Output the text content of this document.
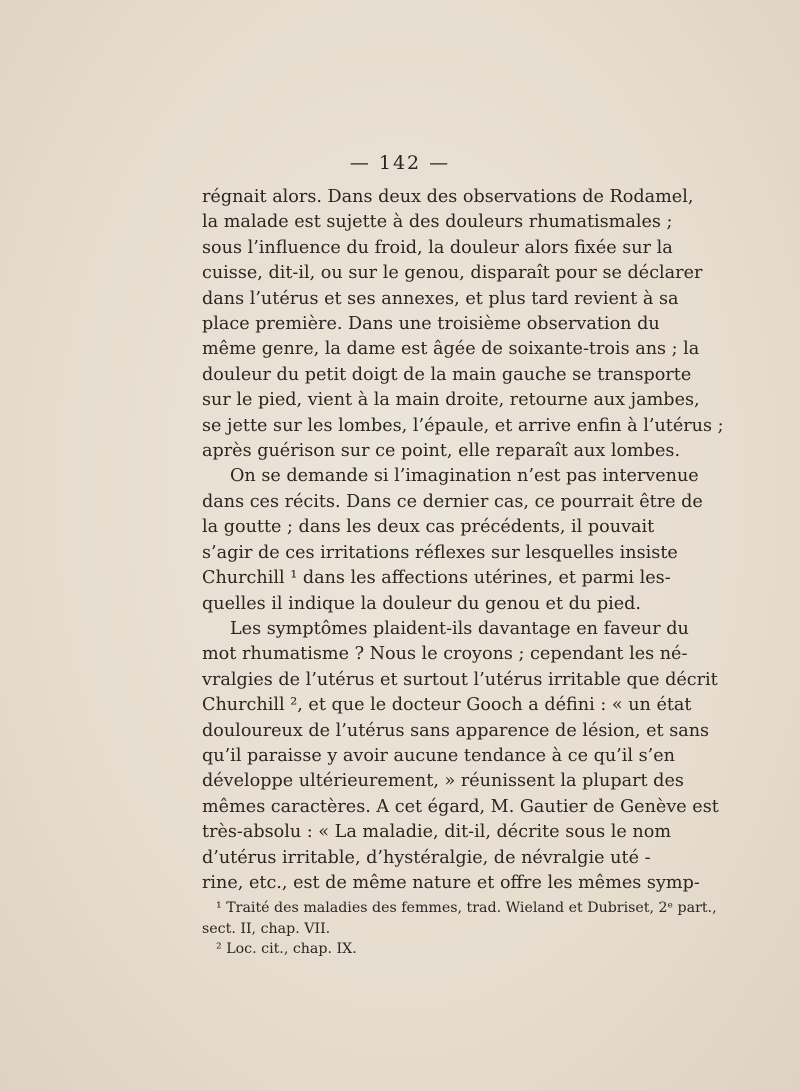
— 142 —
régnait alors. Dans deux des observations de Rodamel,
la malade est sujette à des douleurs rhumatismales ;
sous l’influence du froid, la douleur alors fixée sur la
cuisse, dit-il, ou sur le genou, disparaît pour se déclarer
dans l’utérus et ses annexes, et plus tard revient à sa
place première. Dans une troisième observation du
même genre, la dame est âgée de soixante-trois ans ; la
douleur du petit doigt de la main gauche se transporte
sur le pied, vient à la main droite, retourne aux jambes,
se jette sur les lombes, l’épaule, et arrive enfin à l’utérus ;
après guérison sur ce point, elle reparaît aux lombes.
On se demande si l’imagination n’est pas intervenue
dans ces récits. Dans ce dernier cas, ce pourrait être de
la goutte ; dans les deux cas précédents, il pouvait
s’agir de ces irritations réflexes sur lesquelles insiste
Churchill ¹ dans les affections utérines, et parmi les-
quelles il indique la douleur du genou et du pied.
Les symptômes plaident-ils davantage en faveur du
mot rhumatisme ? Nous le croyons ; cependant les né-
vralgies de l’utérus et surtout l’utérus irritable que décrit
Churchill ², et que le docteur Gooch a défini : « un état
douloureux de l’utérus sans apparence de lésion, et sans
qu’il paraisse y avoir aucune tendance à ce qu’il s’en
développe ultérieurement, » réunissent la plupart des
mêmes caractères. A cet égard, M. Gautier de Genève est
très-absolu : « La maladie, dit-il, décrite sous le nom
d’utérus irritable, d’hystéralgie, de névralgie uté -
rine, etc., est de même nature et offre les mêmes symp-
¹ Traité des maladies des femmes, trad. Wieland et Dubriset, 2ᵉ part.,
sect. II, chap. VII.
² Loc. cit., chap. IX.
